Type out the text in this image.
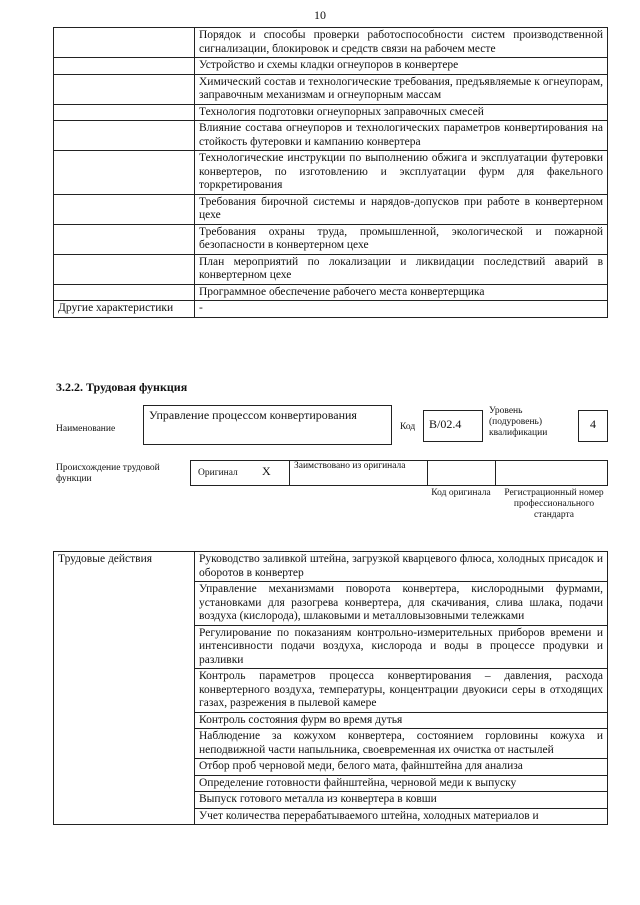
10
	Порядок и способы проверки работоспособности систем производственной сигнализации, блокировок и средств связи на рабочем месте
	Устройство и схемы кладки огнеупоров в конвертере
	Химический состав и технологические требования, предъявляемые к огнеупорам, заправочным механизмам и огнеупорным массам
	Технология подготовки огнеупорных заправочных смесей
	Влияние состава огнеупоров и технологических параметров конвертирования на стойкость футеровки и кампанию конвертера
	Технологические инструкции по выполнению обжига и эксплуатации футеровки конвертеров, по изготовлению и эксплуатации фурм для факельного торкретирования
	Требования бирочной системы и нарядов-допусков при работе в конвертерном цехе
	Требования охраны труда, промышленной, экологической и пожарной безопасности в конвертерном цехе
	План мероприятий по локализации и ликвидации последствий аварий в конвертерном цехе
	Программное обеспечение рабочего места конвертерщика
Другие характеристики	-
3.2.2. Трудовая функция
Наименование
Управление процессом конвертирования
Код	В/02.4
Уровень (подуровень) квалификации
4
Происхождение трудовой функции
Оригинал X Заимствовано из оригинала
Код оригинала	Регистрационный номер профессионального стандарта
Трудовые действия	Руководство заливкой штейна, загрузкой кварцевого флюса, холодных присадок и оборотов в конвертер
Управление механизмами поворота конвертера, кислородными фурмами, установками для разогрева конвертера, для скачивания, слива шлака, подачи воздуха (кислорода), шлаковыми и металловызовными тележками
Регулирование по показаниям контрольно-измерительных приборов времени и интенсивности подачи воздуха, кислорода и воды в процессе продувки и разливки
Контроль параметров процесса конвертирования – давления, расхода конвертерного воздуха, температуры, концентрации двуокиси серы в отходящих газах, разрежения в пылевой камере
Контроль состояния фурм во время дутья
Наблюдение за кожухом конвертера, состоянием горловины кожуха и неподвижной части напыльника, своевременная их очистка от настылей
Отбор проб черновой меди, белого мата, файнштейна для анализа
Определение готовности файнштейна, черновой меди к выпуску
Выпуск готового металла из конвертера в ковши
Учет количества перерабатываемого штейна, холодных материалов и
